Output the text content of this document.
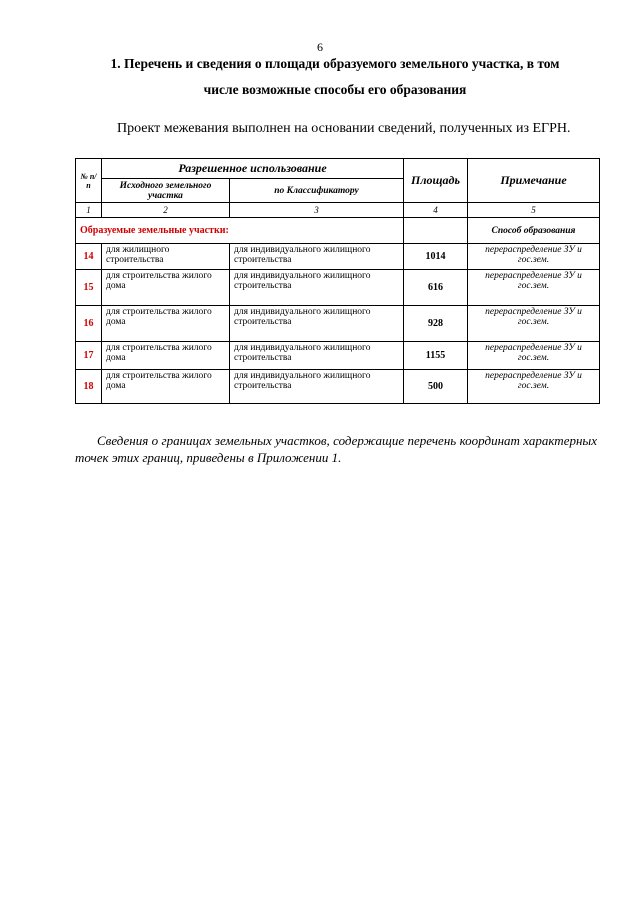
6
1. Перечень и сведения о площади образуемого земельного участка, в том
числе возможные способы его образования
Проект межевания выполнен на основании сведений, полученных из ЕГРН.
№ п/п	Разрешенное использование		Площадь	Примечание
	Исходного земельного участка	по Классификатору		
1	2	3	4	5
Образуемые земельные участки:				Способ образования
14	для жилищного строительства	для индивидуального жилищного строительства	1014	перераспределение ЗУ и гос.зем.
15	для строительства жилого дома	для индивидуального жилищного строительства	616	перераспределение ЗУ и гос.зем.
16	для строительства жилого дома	для индивидуального жилищного строительства	928	перераспределение ЗУ и гос.зем.
17	для строительства жилого дома	для индивидуального жилищного строительства	1155	перераспределение ЗУ и гос.зем.
18	для строительства жилого дома	для индивидуального жилищного строительства	500	перераспределение ЗУ и гос.зем.
Сведения о границах земельных участков, содержащие перечень координат характерных точек этих границ, приведены в Приложении 1.
